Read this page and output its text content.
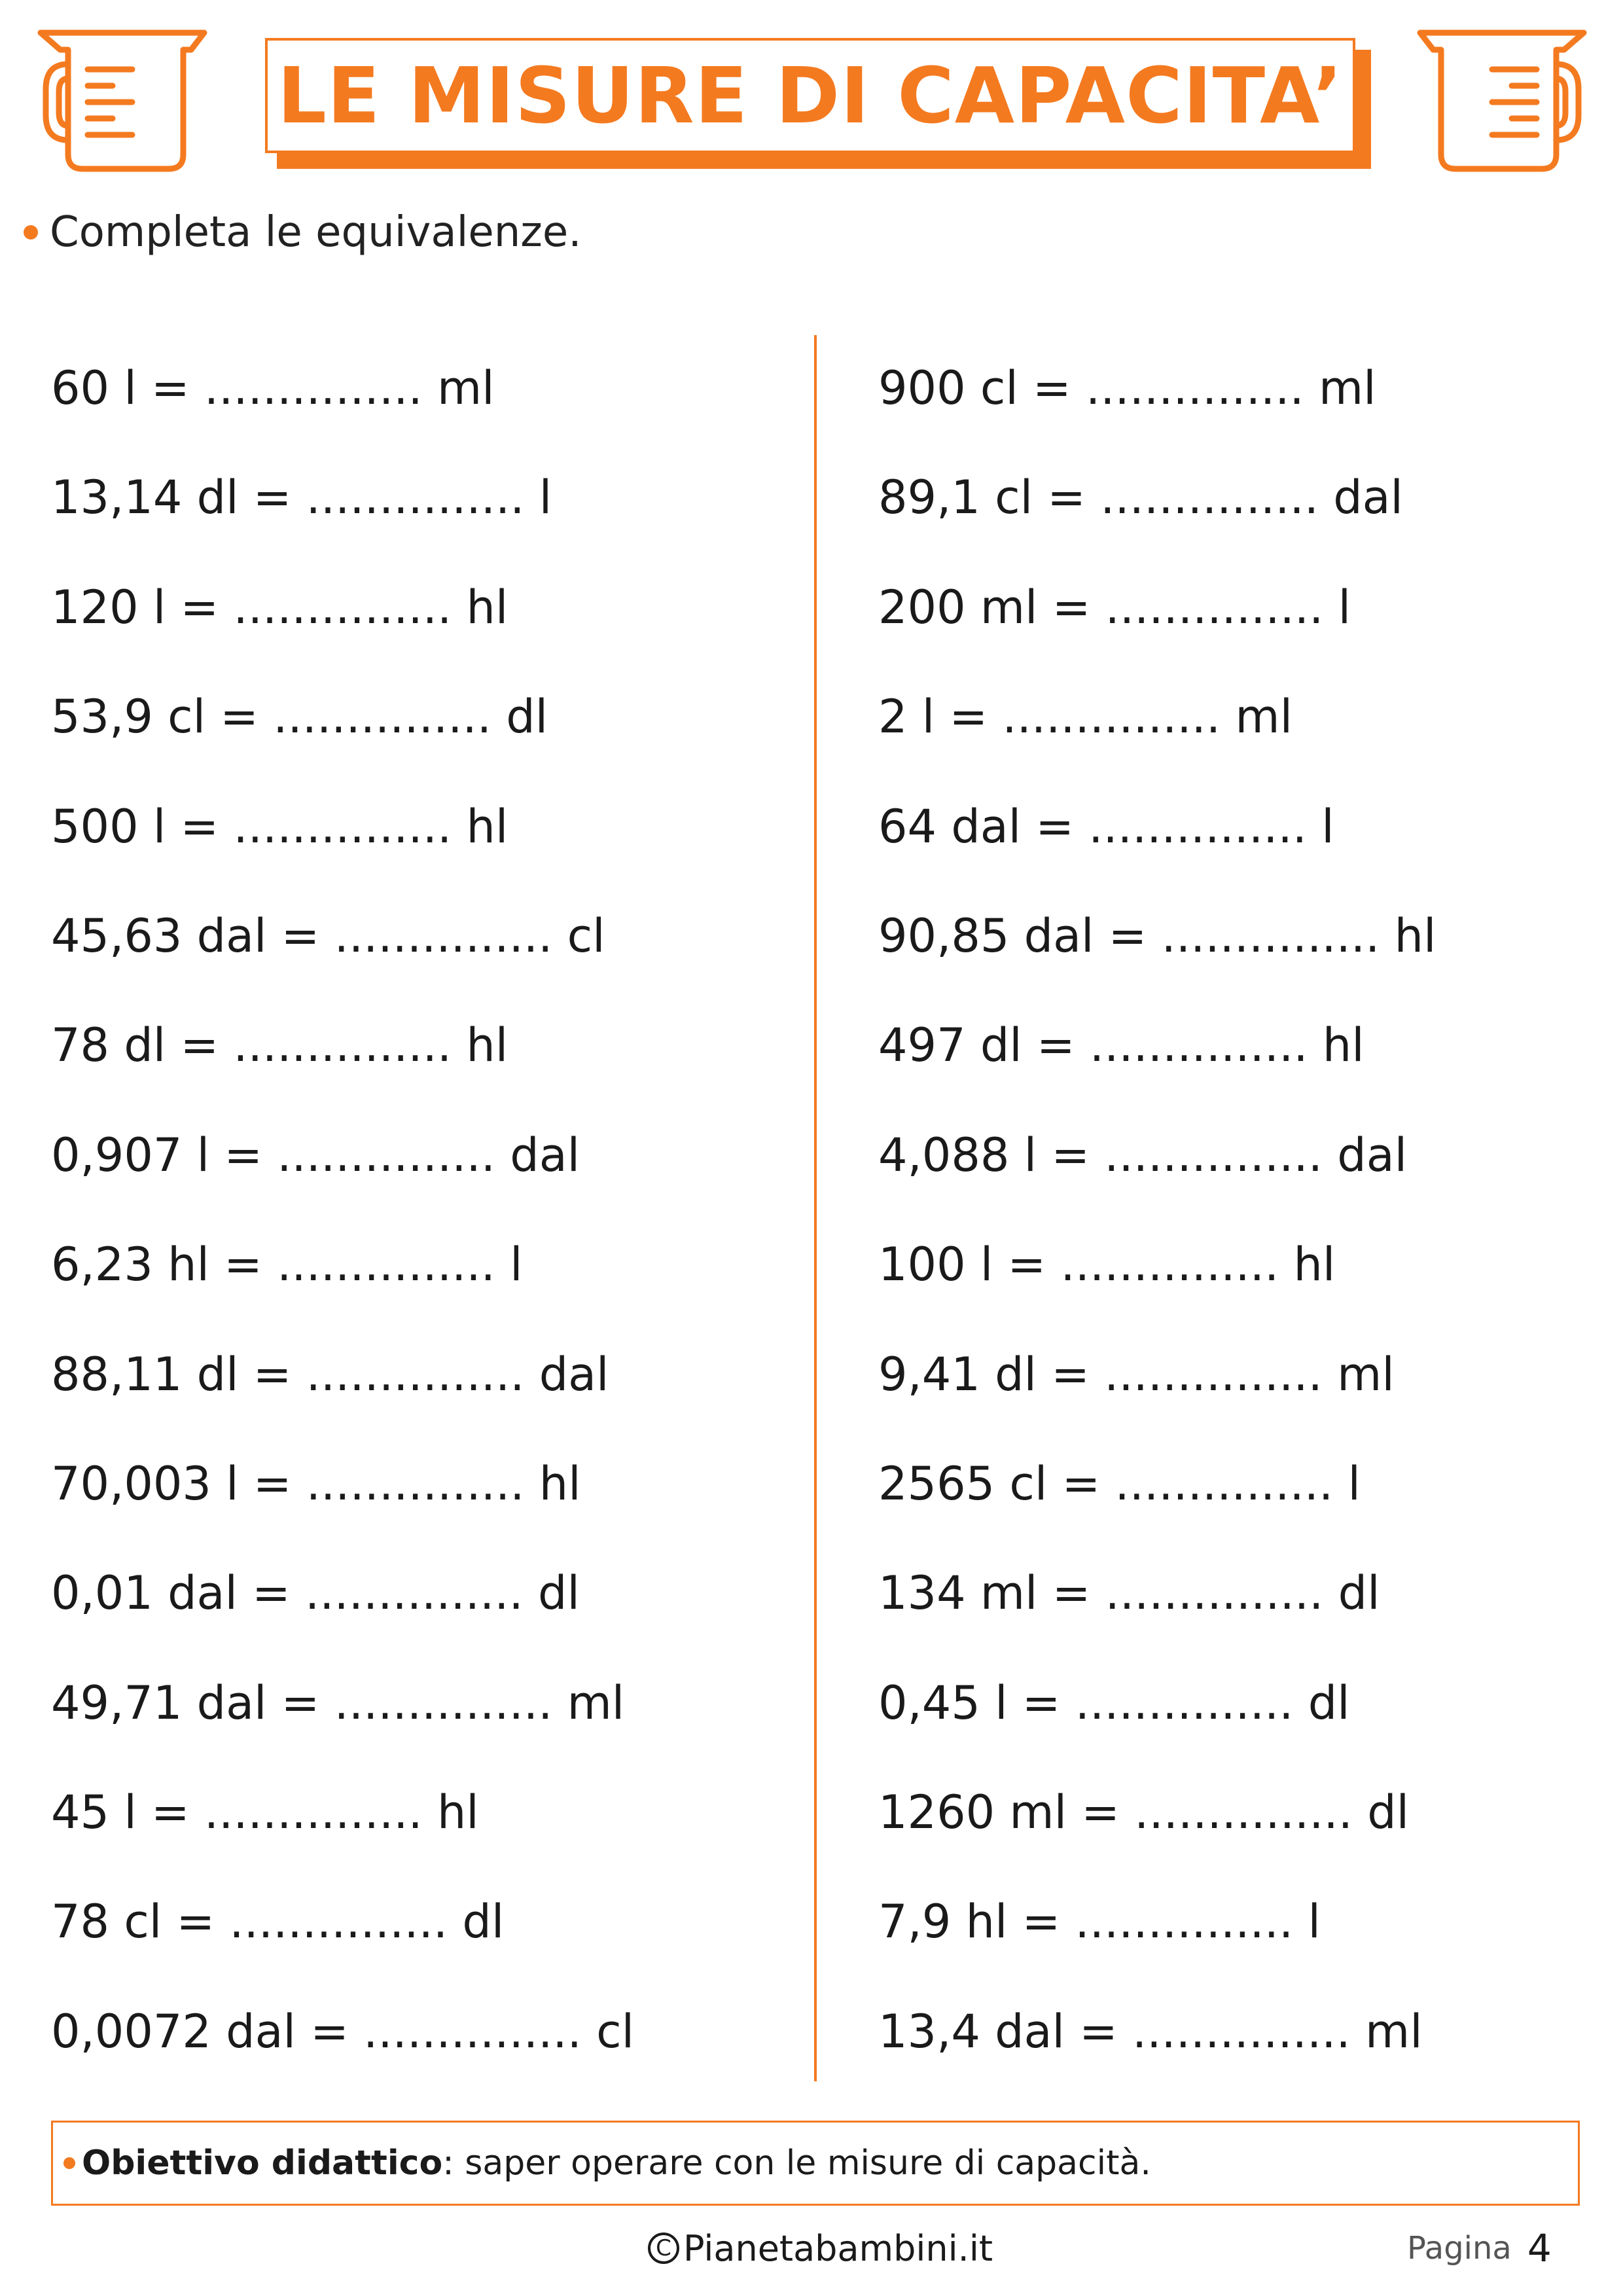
LE MISURE DI CAPACITA’
Completa le equivalenze.
60 l = ............... ml
13,14 dl = ............... l
120 l = ............... hl
53,9 cl = ............... dl
500 l = ............... hl
45,63 dal = ............... cl
78 dl = ............... hl
0,907 l = ............... dal
6,23 hl = ............... l
88,11 dl = ............... dal
70,003 l = ............... hl
0,01 dal = ............... dl
49,71 dal = ............... ml
45 l = ............... hl
78 cl = ............... dl
0,0072 dal = ............... cl
900 cl = ............... ml
89,1 cl = ............... dal
200 ml = ............... l
2 l = ............... ml
64 dal = ............... l
90,85 dal = ............... hl
497 dl = ............... hl
4,088 l = ............... dal
100 l = ............... hl
9,41 dl = ............... ml
2565 cl = ............... l
134 ml = ............... dl
0,45 l = ............... dl
1260 ml = ............... dl
7,9 hl = ............... l
13,4 dal = ............... ml
Obiettivo didattico : saper operare con le misure di capacità.
C Pianetabambini.it	Pagina 4
